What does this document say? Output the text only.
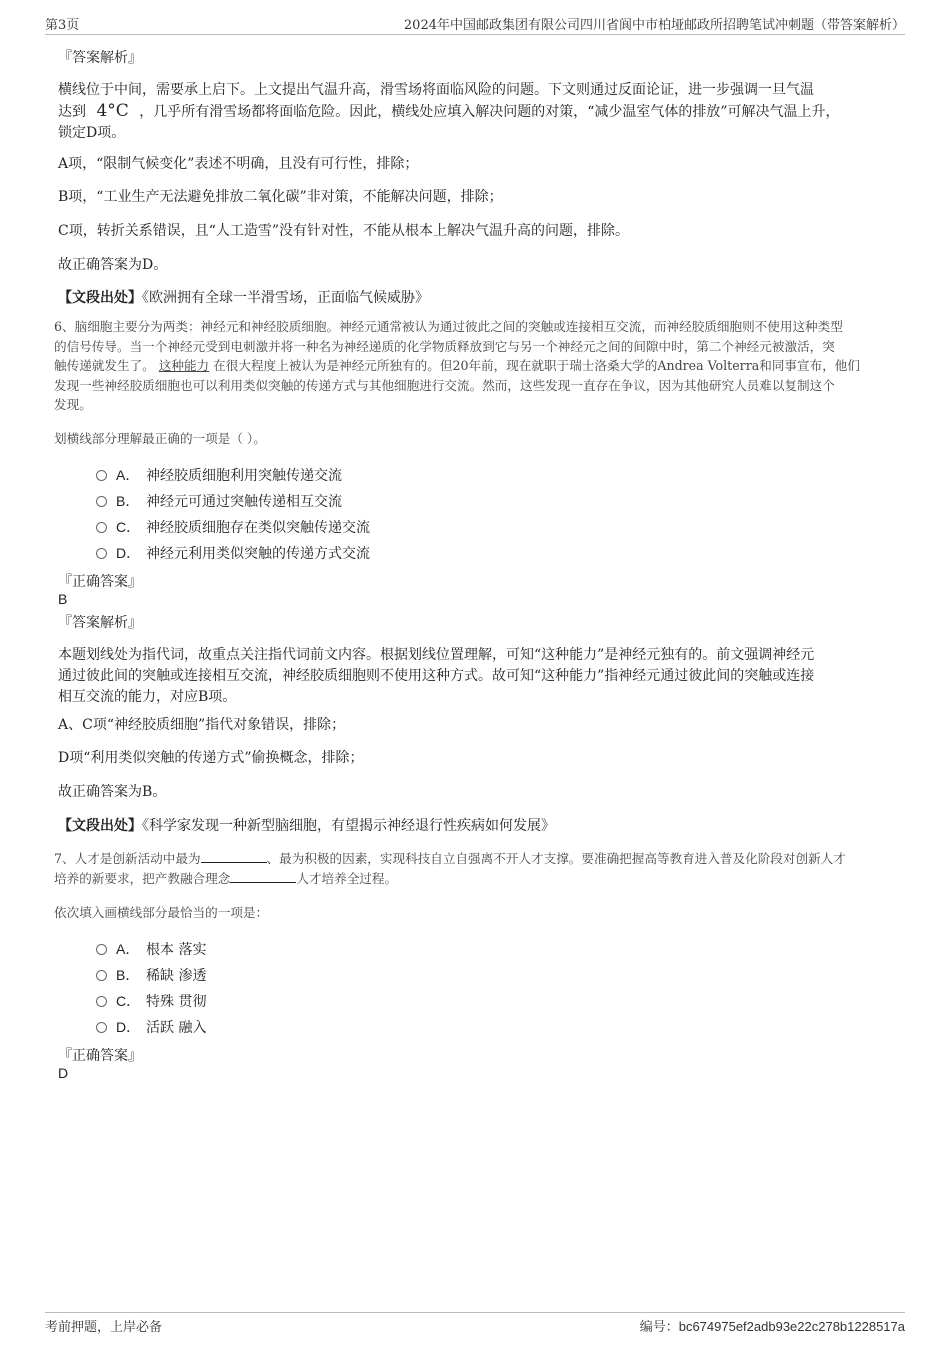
第3页	2024年中国邮政集团有限公司四川省阆中市柏垭邮政所招聘笔试冲刺题（带答案解析）
『答案解析』
横线位于中间，需要承上启下。上文提出气温升高，滑雪场将面临风险的问题。下文则通过反面论证，进一步强调一旦气温
达到 4°C ，几乎所有滑雪场都将面临危险。因此，横线处应填入解决问题的对策，“减少温室气体的排放”可解决气温上升，
锁定D项。
A项，“限制气候变化”表述不明确，且没有可行性，排除；
B项，“工业生产无法避免排放二氧化碳”非对策，不能解决问题，排除；
C项，转折关系错误，且“人工造雪”没有针对性，不能从根本上解决气温升高的问题，排除。
故正确答案为D。
【文段出处】《欧洲拥有全球一半滑雪场，正面临气候威胁》
6、脑细胞主要分为两类：神经元和神经胶质细胞。神经元通常被认为通过彼此之间的突触或连接相互交流，而神经胶质细胞则不使用这种类型
的信号传导。当一个神经元受到电刺激并将一种名为神经递质的化学物质释放到它与另一个神经元之间的间隙中时，第二个神经元被激活，突
触传递就发生了。 这种能力 在很大程度上被认为是神经元所独有的。但20年前，现在就职于瑞士洛桑大学的Andrea Volterra和同事宣布，他们
发现一些神经胶质细胞也可以利用类似突触的传递方式与其他细胞进行交流。然而，这些发现一直存在争议，因为其他研究人员难以复制这个
发现。
划横线部分理解最正确的一项是（ ）。
A． 神经胶质细胞利用突触传递交流
B． 神经元可通过突触传递相互交流
C． 神经胶质细胞存在类似突触传递交流
D． 神经元利用类似突触的传递方式交流
『正确答案』
B
『答案解析』
本题划线处为指代词，故重点关注指代词前文内容。根据划线位置理解，可知“这种能力”是神经元独有的。前文强调神经元
通过彼此间的突触或连接相互交流，神经胶质细胞则不使用这种方式。故可知“这种能力”指神经元通过彼此间的突触或连接
相互交流的能力，对应B项。
A、C项“神经胶质细胞”指代对象错误，排除；
D项“利用类似突触的传递方式”偷换概念，排除；
故正确答案为B。
【文段出处】《科学家发现一种新型脑细胞，有望揭示神经退行性疾病如何发展》
7、人才是创新活动中最为	、最为积极的因素，实现科技自立自强离不开人才支撑。要准确把握高等教育进入普及化阶段对创新人才
培养的新要求，把产教融合理念	人才培养全过程。
依次填入画横线部分最恰当的一项是：
A． 根本 落实
B． 稀缺 渗透
C． 特殊 贯彻
D． 活跃 融入
『正确答案』
D
考前押题，上岸必备	编号：bc674975ef2adb93e22c278b1228517a
